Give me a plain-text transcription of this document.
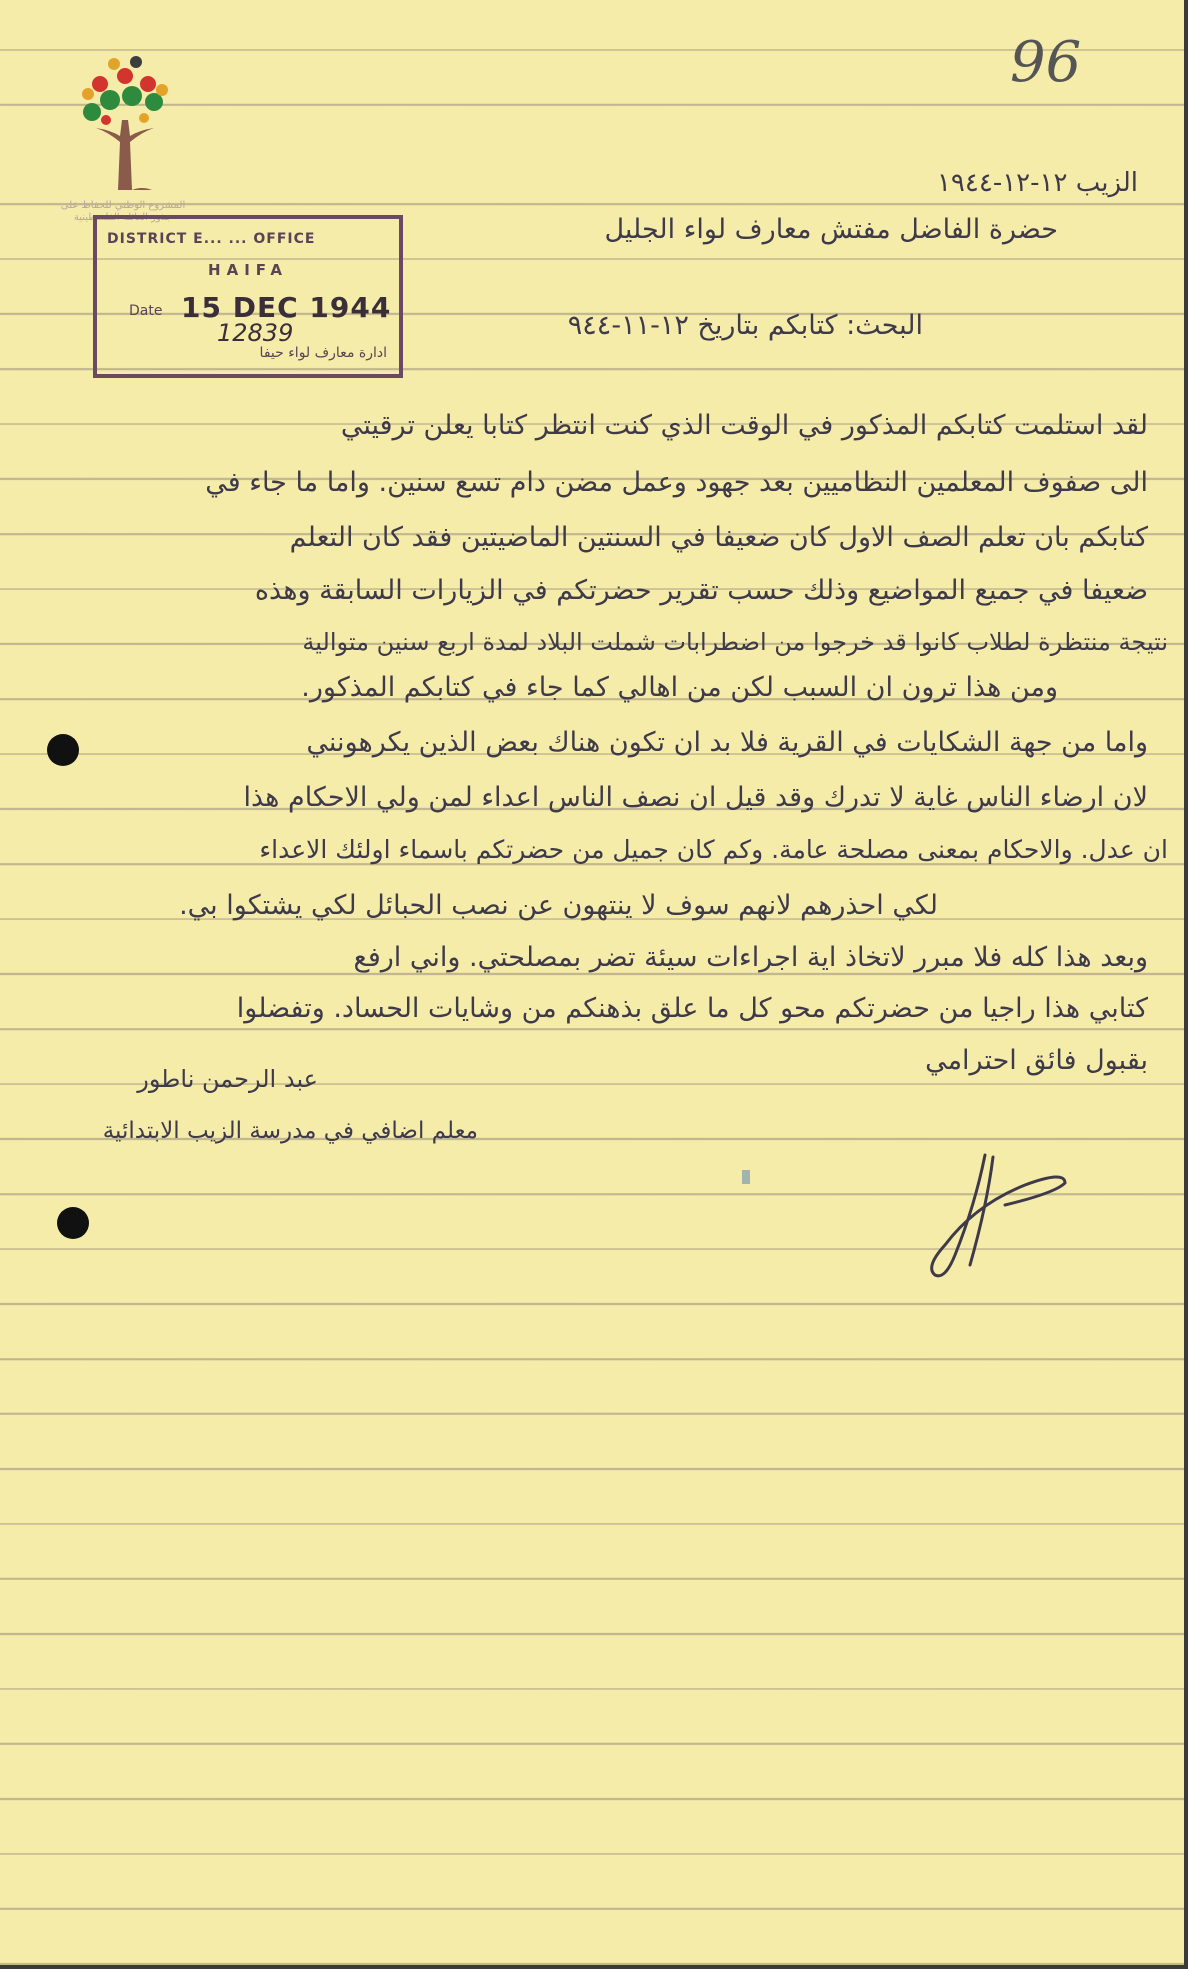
96
المشروع الوطني للحفاظ على
جذور العائلة الفلسطينية
DISTRICT E... ... OFFICE
HAIFA
Date 15 DEC 1944
12839
ادارة معارف لواء حيفا
الزيب ١٢-١٢-١٩٤٤
حضرة الفاضل مفتش معارف لواء الجليل
البحث: كتابكم بتاريخ ١٢-١١-٩٤٤
لقد استلمت كتابكم المذكور في الوقت الذي كنت انتظر كتابا يعلن ترقيتي
الى صفوف المعلمين النظاميين بعد جهود وعمل مضن دام تسع سنين. واما ما جاء في
كتابكم بان تعلم الصف الاول كان ضعيفا في السنتين الماضيتين فقد كان التعلم
ضعيفا في جميع المواضيع وذلك حسب تقرير حضرتكم في الزيارات السابقة وهذه
نتيجة منتظرة لطلاب كانوا قد خرجوا من اضطرابات شملت البلاد لمدة اربع سنين متوالية
ومن هذا ترون ان السبب لكن من اهالي كما جاء في كتابكم المذكور.
واما من جهة الشكايات في القرية فلا بد ان تكون هناك بعض الذين يكرهونني
لان ارضاء الناس غاية لا تدرك وقد قيل ان نصف الناس اعداء لمن ولي الاحكام هذا
ان عدل. والاحكام بمعنى مصلحة عامة. وكم كان جميل من حضرتكم باسماء اولئك الاعداء
لكي احذرهم لانهم سوف لا ينتهون عن نصب الحبائل لكي يشتكوا بي.
وبعد هذا كله فلا مبرر لاتخاذ اية اجراءات سيئة تضر بمصلحتي. واني ارفع
كتابي هذا راجيا من حضرتكم محو كل ما علق بذهنكم من وشايات الحساد. وتفضلوا
بقبول فائق احترامي
عبد الرحمن ناطور
معلم اضافي في مدرسة الزيب الابتدائية
